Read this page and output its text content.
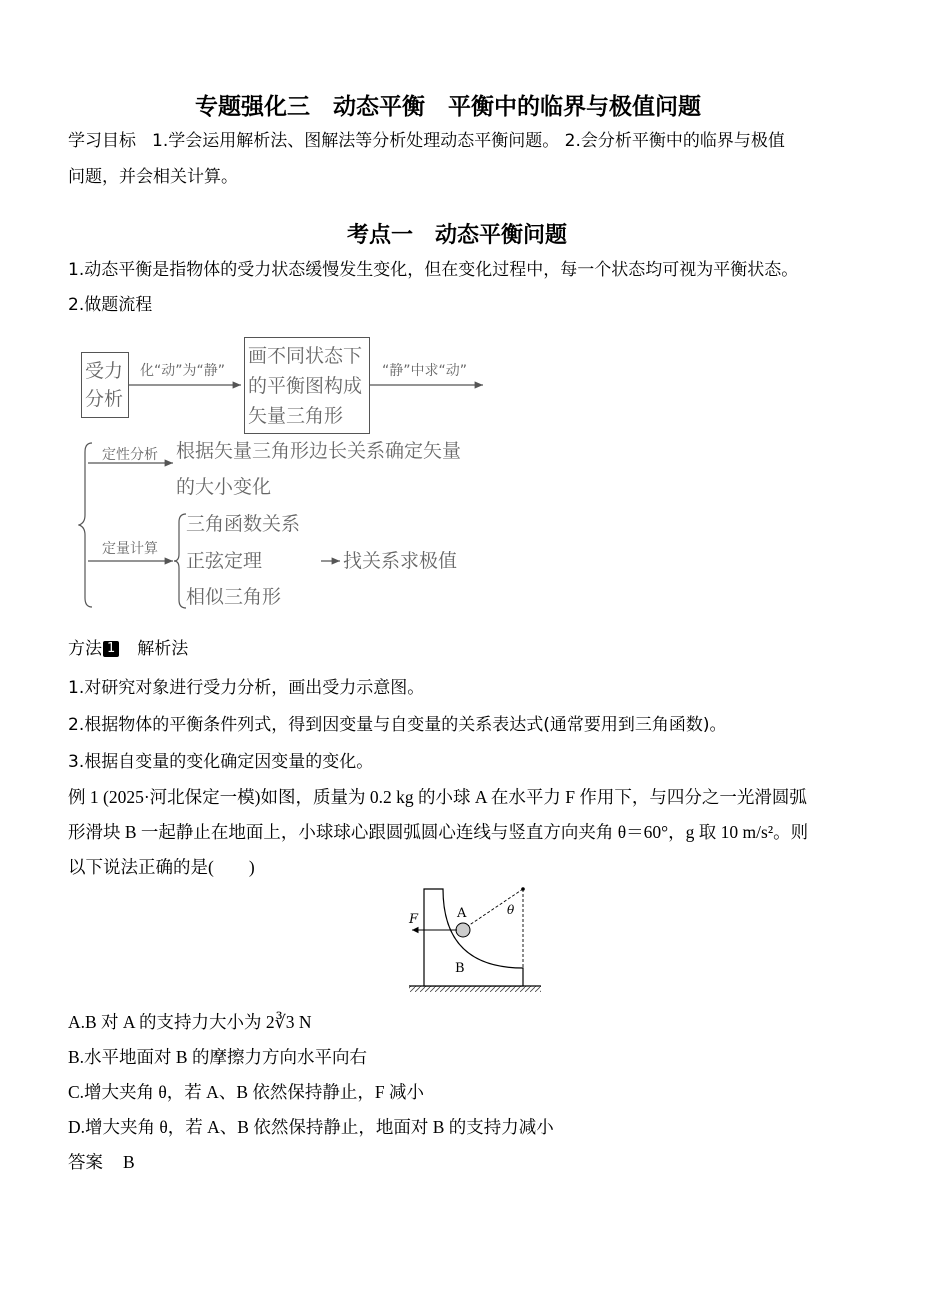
专题强化三　动态平衡　平衡中的临界与极值问题
学习目标 1.学会运用解析法、图解法等分析处理动态平衡问题。 2.会分析平衡中的临界与极值
问题，并会相关计算。
考点一　动态平衡问题
1.动态平衡是指物体的受力状态缓慢发生变化，但在变化过程中，每一个状态均可视为平衡状态。
2.做题流程
受力
分析
化“动”为“静”
画不同状态下
的平衡图构成
矢量三角形
“静”中求“动”
定性分析 根据矢量三角形边长关系确定矢量
的大小变化
定量计算
三角函数关系
正弦定理
相似三角形
找关系求极值
方法 1 解析法
1.对研究对象进行受力分析，画出受力示意图。
2.根据物体的平衡条件列式，得到因变量与自变量的关系表达式(通常要用到三角函数)。
3.根据自变量的变化确定因变量的变化。
例 1 (2025·河北保定一模)如图，质量为 0.2 kg 的小球 A 在水平力 F 作用下，与四分之一光滑圆弧
形滑块 B 一起静止在地面上，小球球心跟圆弧圆心连线与竖直方向夹角 θ＝60°，g 取 10 m/s²。则
以下说法正确的是(　　)
F	A
B
θ
A.B 对 A 的支持力大小为 2∛3 N
B.水平地面对 B 的摩擦力方向水平向右
C.增大夹角 θ，若 A、B 依然保持静止，F 减小
D.增大夹角 θ，若 A、B 依然保持静止，地面对 B 的支持力减小
答案 B
